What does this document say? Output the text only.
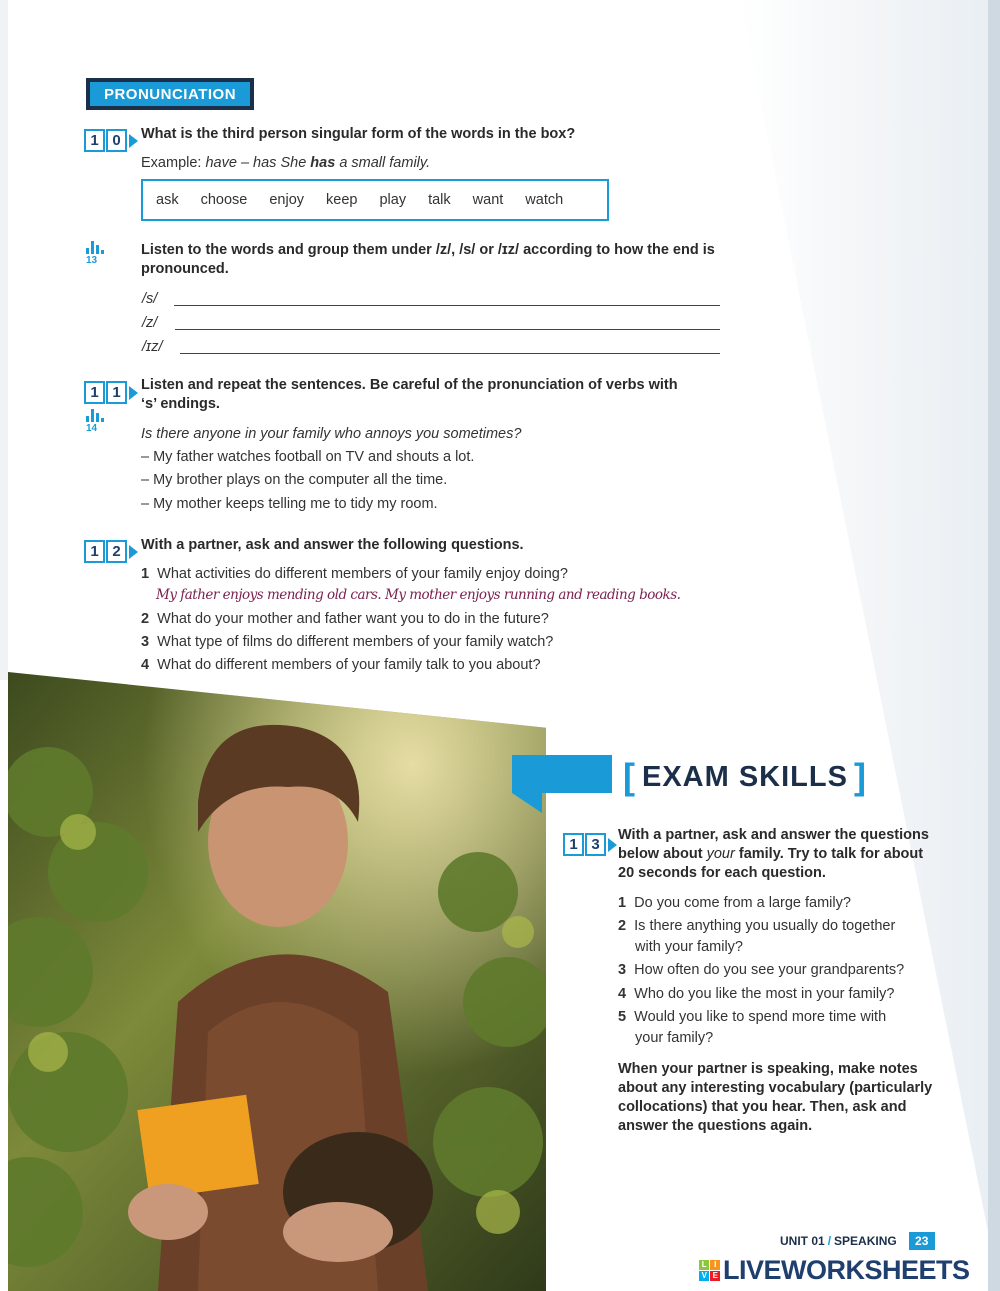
PRONUNCIATION
1 0	What is the third person singular form of the words in the box?
Example: have – has She has a small family.
ask choose enjoy keep play talk want watch
13
Listen to the words and group them under /z/, /s/ or /ɪz/ according to how the end is
pronounced.
/s/
/z/
/ɪz/
1 1
14
Listen and repeat the sentences. Be careful of the pronunciation of verbs with
‘s’ endings.
Is there anyone in your family who annoys you sometimes?
– My father watches football on TV and shouts a lot.
– My brother plays on the computer all the time.
– My mother keeps telling me to tidy my room.
1 2	With a partner, ask and answer the following questions.
1 What activities do different members of your family enjoy doing?
My father enjoys mending old cars. My mother enjoys running and reading books.
2 What do your mother and father want you to do in the future?
3 What type of films do different members of your family watch?
4 What do different members of your family talk to you about?
[ EXAM SKILLS ]
1 3
With a partner, ask and answer the questions
below about your family. Try to talk for about
20 seconds for each question.
1 Do you come from a large family?
2 Is there anything you usually do together
with your family?
3 How often do you see your grandparents?
4 Who do you like the most in your family?
5 Would you like to spend more time with
your family?
When your partner is speaking, make notes
about any interesting vocabulary (particularly
collocations) that you hear. Then, ask and
answer the questions again.
UNIT 01 / SPEAKING	23
L I
V E LIVEWORKSHEETS
